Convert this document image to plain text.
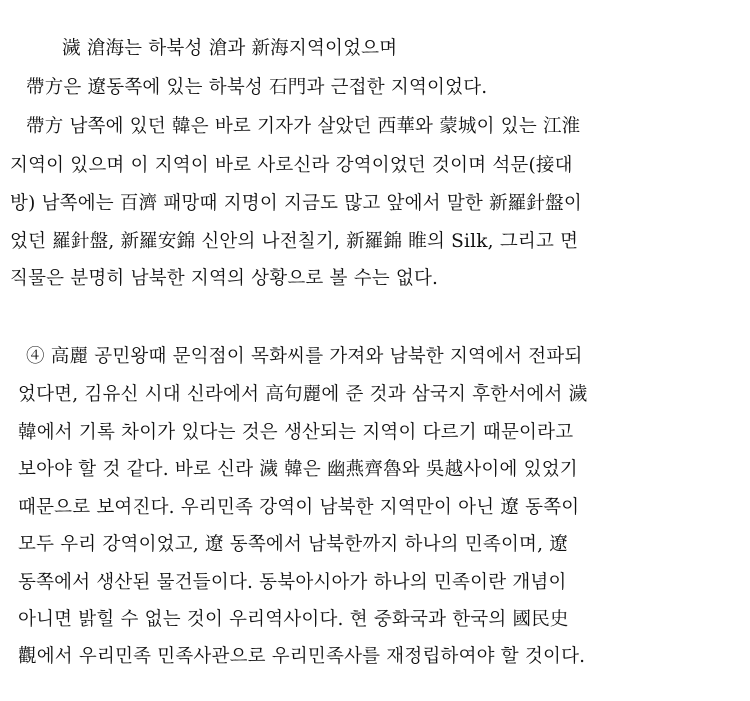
濊 滄海는 하북성 滄과 新海지역이었으며
帶方은 遼동쪽에 있는 하북성 石門과 근접한 지역이었다.
帶方 남쪽에 있던 韓은 바로 기자가 살았던 西華와 蒙城이 있는 江淮
지역이 있으며 이 지역이 바로 사로신라 강역이었던 것이며 석문(接대
방) 남쪽에는 百濟 패망때 지명이 지금도 많고 앞에서 말한 新羅針盤이
었던 羅針盤, 新羅安錦 신안의 나전칠기, 新羅錦 睢의 Silk, 그리고 면
직물은 분명히 남북한 지역의 상황으로 볼 수는 없다.
④ 高麗 공민왕때 문익점이 목화씨를 가져와 남북한 지역에서 전파되
었다면, 김유신 시대 신라에서 高句麗에 준 것과 삼국지 후한서에서 濊
韓에서 기록 차이가 있다는 것은 생산되는 지역이 다르기 때문이라고
보아야 할 것 같다. 바로 신라 濊 韓은 幽燕齊魯와 吳越사이에 있었기
때문으로 보여진다. 우리민족 강역이 남북한 지역만이 아닌 遼 동쪽이
모두 우리 강역이었고, 遼 동쪽에서 남북한까지 하나의 민족이며, 遼
동쪽에서 생산된 물건들이다. 동북아시아가 하나의 민족이란 개념이
아니면 밝힐 수 없는 것이 우리역사이다. 현 중화국과 한국의 國民史
觀에서 우리민족 민족사관으로 우리민족사를 재정립하여야 할 것이다.
